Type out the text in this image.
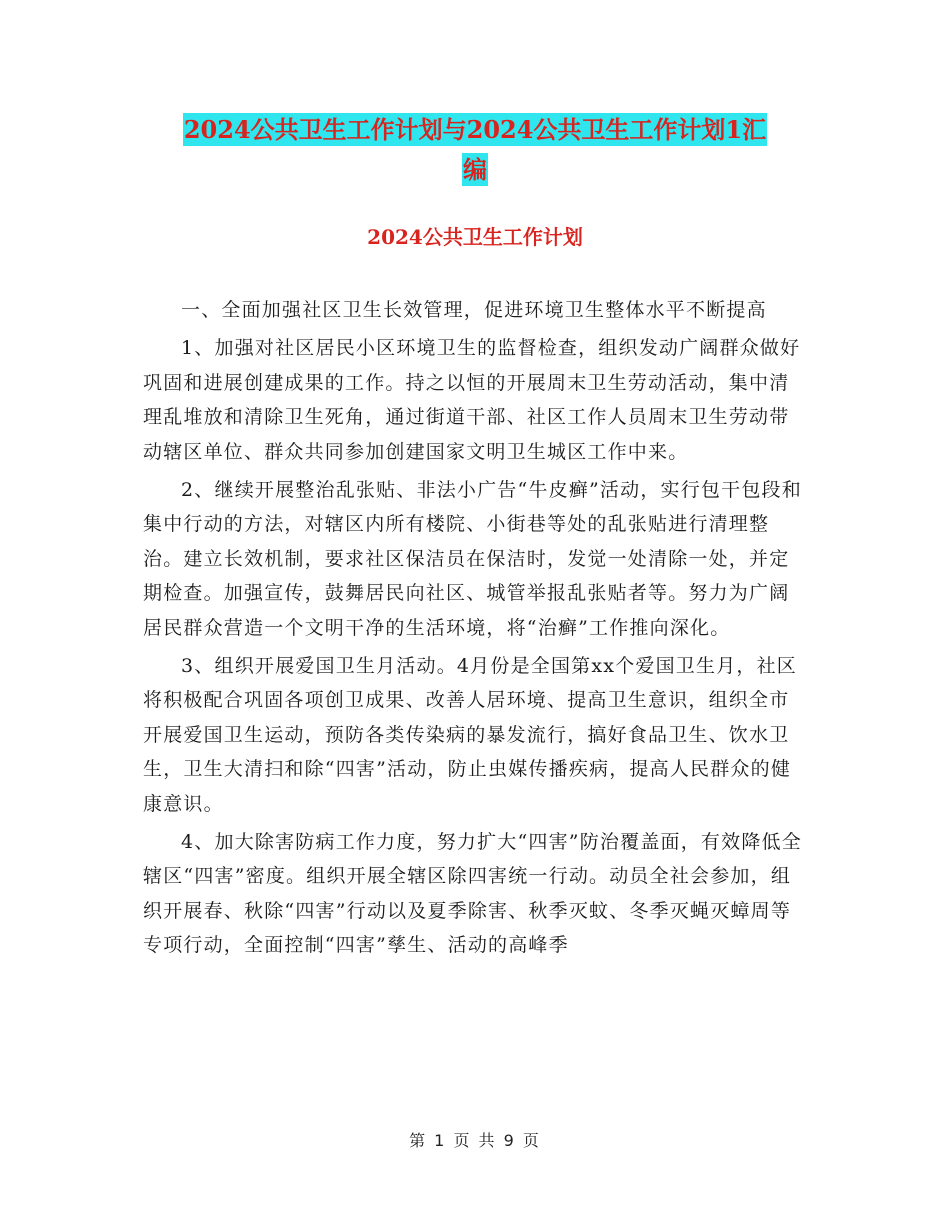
2024公共卫生工作计划与2024公共卫生工作计划1汇
编
2024公共卫生工作计划

一、全面加强社区卫生长效管理，促进环境卫生整体水平不断提高

1、加强对社区居民小区环境卫生的监督检查，组织发动广阔群众做好巩固和进展创建成果的工作。持之以恒的开展周末卫生劳动活动，集中清理乱堆放和清除卫生死角，通过街道干部、社区工作人员周末卫生劳动带动辖区单位、群众共同参加创建国家文明卫生城区工作中来。

2、继续开展整治乱张贴、非法小广告“牛皮癣”活动，实行包干包段和集中行动的方法，对辖区内所有楼院、小街巷等处的乱张贴进行清理整治。建立长效机制，要求社区保洁员在保洁时，发觉一处清除一处，并定期检查。加强宣传，鼓舞居民向社区、城管举报乱张贴者等。努力为广阔居民群众营造一个文明干净的生活环境，将“治癣”工作推向深化。

3、组织开展爱国卫生月活动。4月份是全国第xx个爱国卫生月，社区将积极配合巩固各项创卫成果、改善人居环境、提高卫生意识，组织全市开展爱国卫生运动，预防各类传染病的暴发流行，搞好食品卫生、饮水卫生，卫生大清扫和除“四害”活动，防止虫媒传播疾病，提高人民群众的健康意识。

4、加大除害防病工作力度，努力扩大“四害”防治覆盖面，有效降低全辖区“四害”密度。组织开展全辖区除四害统一行动。动员全社会参加，组织开展春、秋除“四害”行动以及夏季除害、秋季灭蚊、冬季灭蝇灭蟑周等专项行动，全面控制“四害”孳生、活动的高峰季

第 1 页 共 9 页
